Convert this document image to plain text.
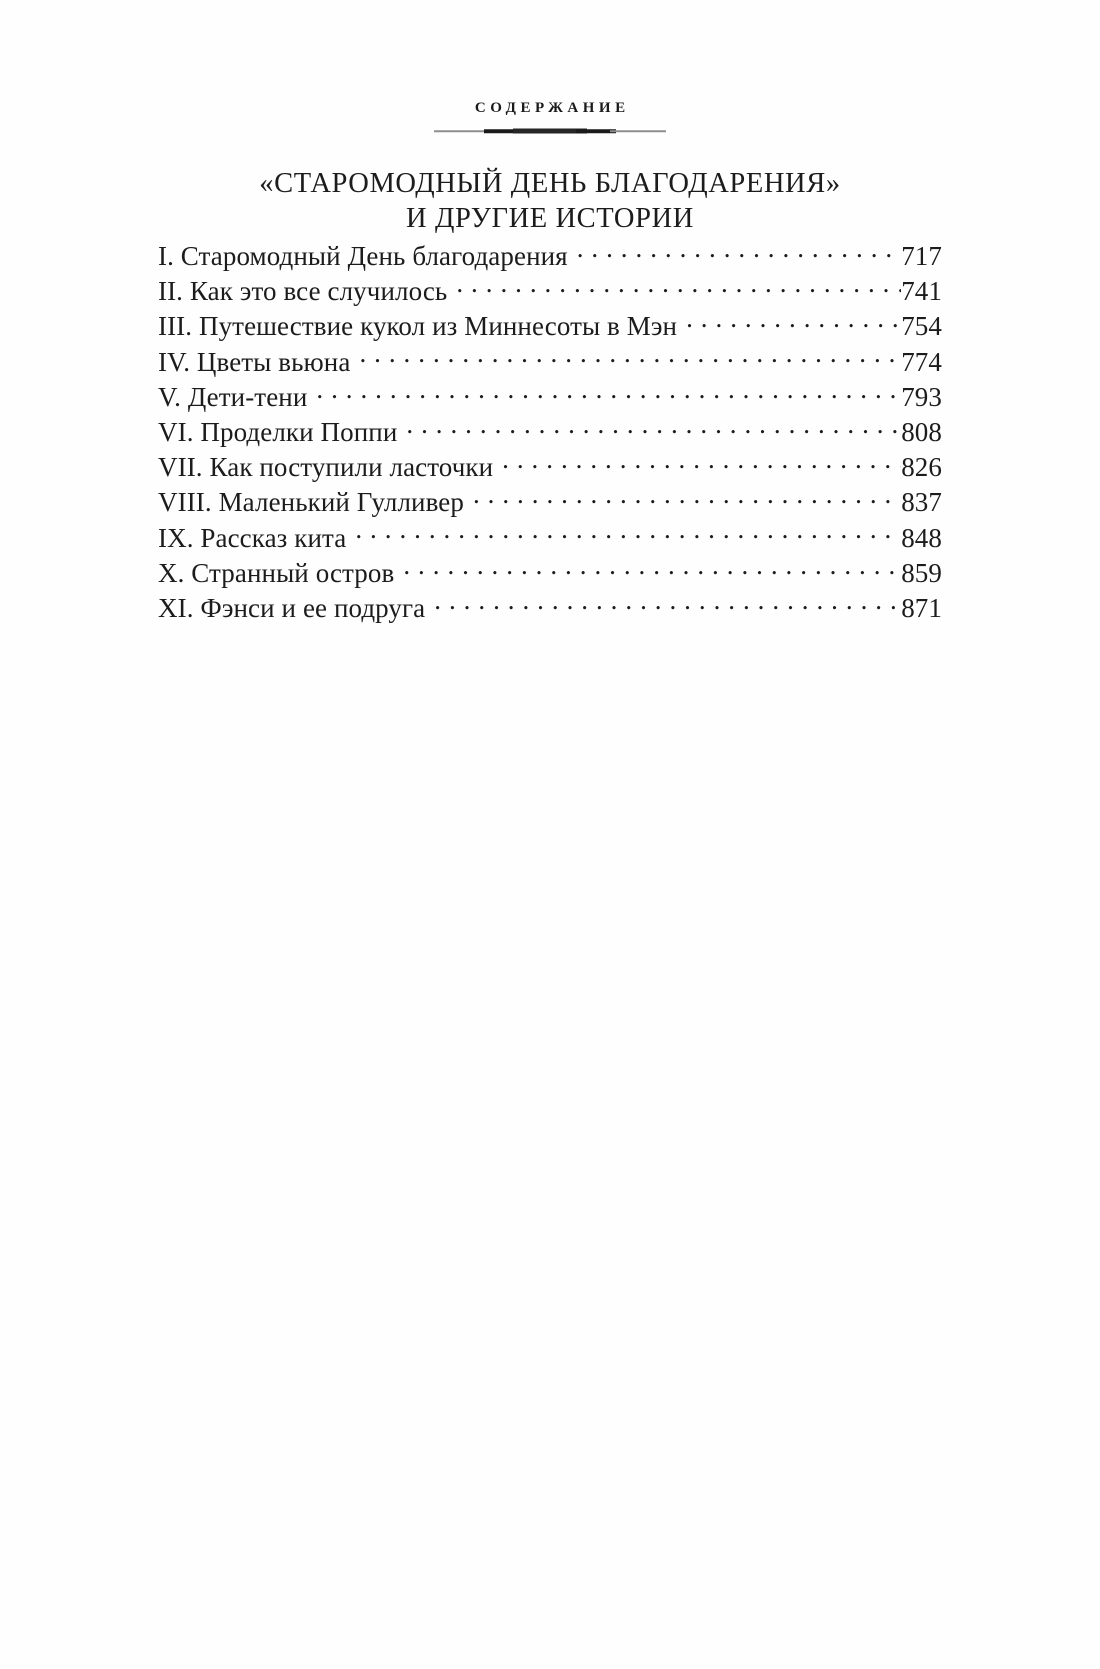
СОДЕРЖАНИЕ
«СТАРОМОДНЫЙ ДЕНЬ БЛАГОДАРЕНИЯ»
И ДРУГИЕ ИСТОРИИ
I. Старомодный День благодарения . . .	717
II. Как это все случилось . . .	741
III. Путешествие кукол из Миннесоты в Мэн . . .	754
IV. Цветы вьюна . . .	774
V. Дети-тени . . .	793
VI. Проделки Поппи . . .	808
VII. Как поступили ласточки . . .	826
VIII. Маленький Гулливер . . .	837
IX. Рассказ кита . . .	848
X. Странный остров . . .	859
XI. Фэнси и ее подруга . . .	871
